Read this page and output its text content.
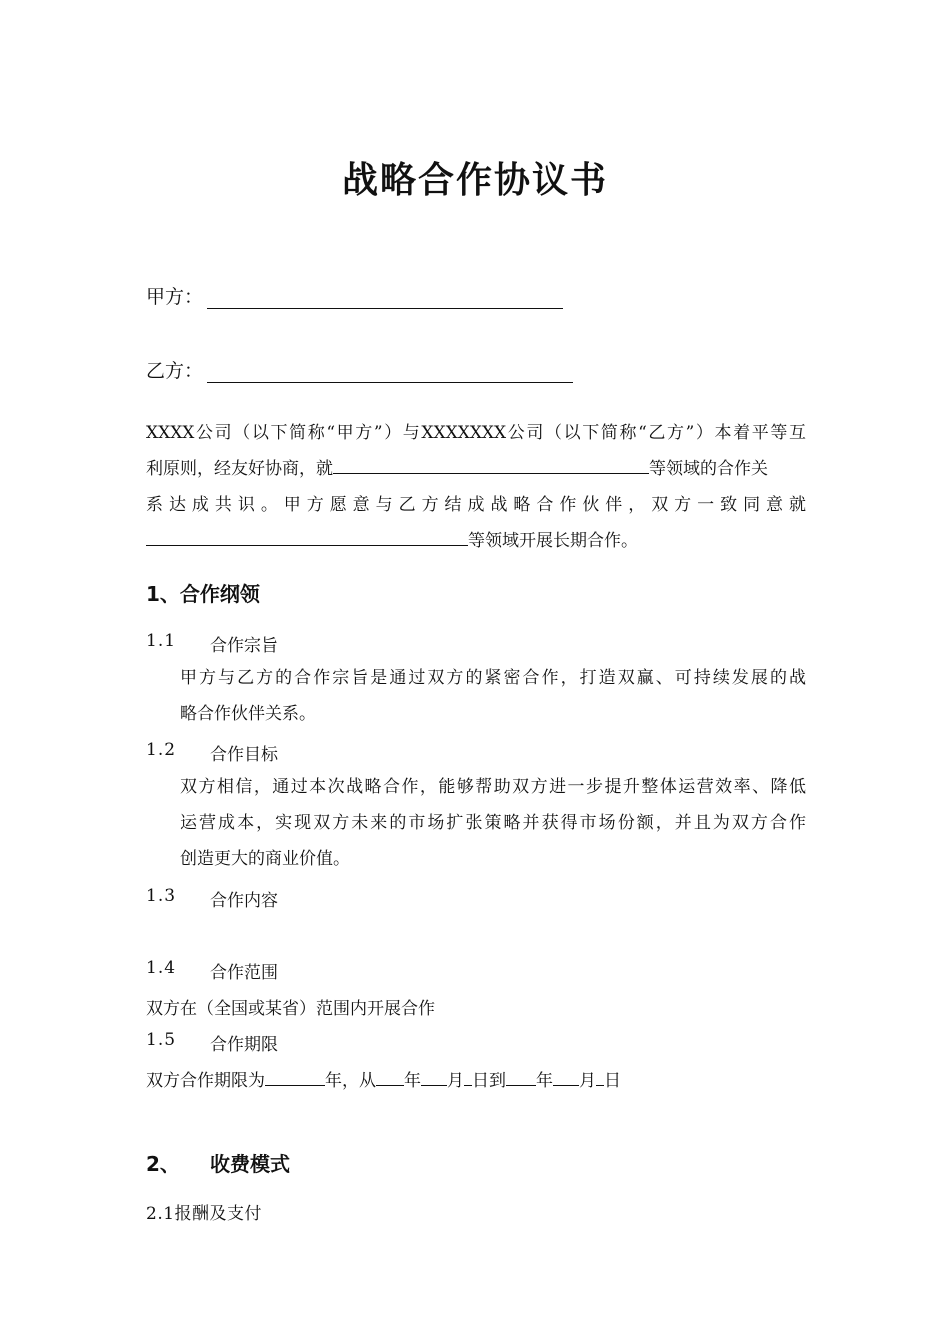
战略合作协议书
甲方：
乙方：
XXXX公司（以下简称“甲方”）与XXXXXXX公司（以下简称“乙方”）本着平等互
利原则，经友好协商，就	等领域的合作关
系达成共识。甲方愿意与乙方结成战略合作伙伴，双方一致同意就
等领域开展长期合作。
1、合作纲领
1.1	合作宗旨
甲方与乙方的合作宗旨是通过双方的紧密合作，打造双赢、可持续发展的战
略合作伙伴关系。
1.2	合作目标
双方相信，通过本次战略合作，能够帮助双方进一步提升整体运营效率、降低
运营成本，实现双方未来的市场扩张策略并获得市场份额，并且为双方合作
创造更大的商业价值。
1.3	合作内容
1.4	合作范围
双方在（全国或某省）范围内开展合作
1.5	合作期限
双方合作期限为	年，从 年 月 日到 年 月 日
2、	收费模式
2.1报酬及支付
